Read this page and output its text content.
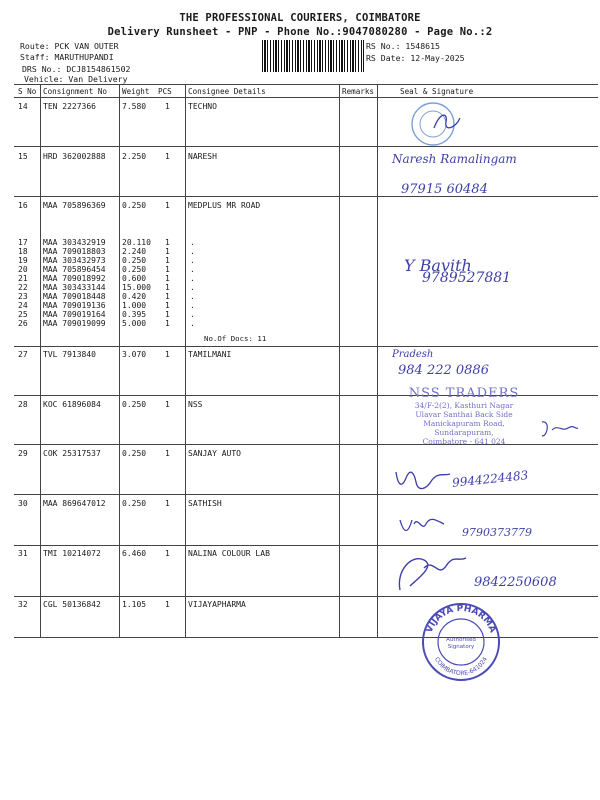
THE PROFESSIONAL COURIERS, COIMBATORE
Delivery Runsheet - PNP - Phone No.:9047080280 - Page No.:2
Route: PCK VAN OUTER
Staff: MARUTHUPANDI
DRS No.: DCJ8154861502
Vehicle: Van Delivery
RS No.: 1548615
RS Date: 12-May-2025
S No Consignment No Weight PCS Consignee Details	Remarks	Seal & Signature
14 TEN 2227366	7.580 1 TECHNO
15 HRD 362002888 2.250 1 NARESH
16 MAA 705896369 0.250 1 MEDPLUS MR ROAD
17 MAA 303432919 20.110 1	.
18 MAA 709018803 2.240 1	.
19 MAA 303432973 0.250 1	.
20 MAA 705896454 0.250 1	.
21 MAA 709018992 0.600 1	.
22 MAA 303433144 15.000 1	.
23 MAA 709018448 0.420 1	.
24 MAA 709019136 1.000 1	.
25 MAA 709019164 0.395 1	.
26 MAA 709019099 5.000 1	.
No.Of Docs: 11
27 TVL 7913840	3.070 1 TAMILMANI
28 KOC 61896084	0.250 1 NSS
29 COK 25317537	0.250 1 SANJAY AUTO
30 MAA 869647012 0.250 1 SATHISH
31 TMI 10214072	6.460 1 NALINA COLOUR LAB
32 CGL 50136842	1.105 1 VIJAYAPHARMA
Naresh Ramalingam
97915 60484
Y Bavith
9789527881
Pradesh
984 222 0886
NSS TRADERS
34/F-2(2), Kasthuri Nagar
Ulavar Santhai Back Side
Manickapuram Road,
Sundarapuram,
Coimbatore - 641 024
9944224483
9790373779
9842250608
VIJAYA PHARMA
COIMBATORE-641024
Authorised
Signatory
